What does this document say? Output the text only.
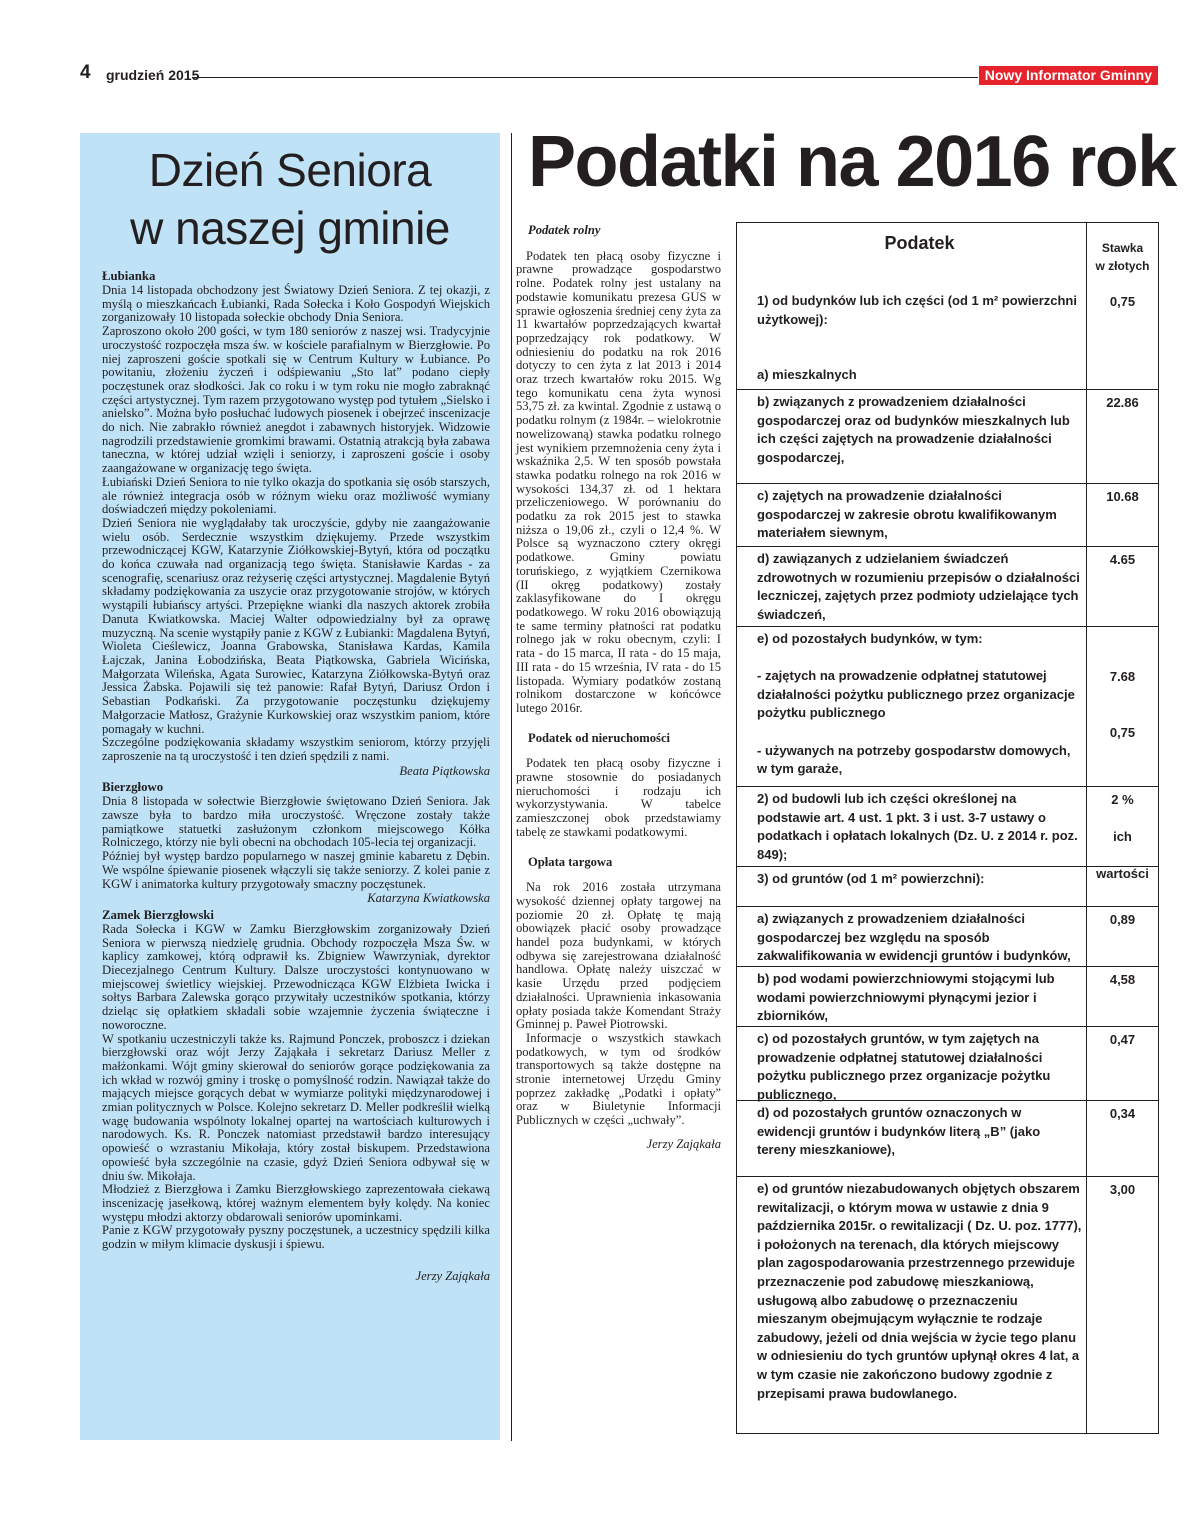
4 grudzień 2015	Nowy Informator Gminny
Dzień Seniora
w naszej gminie
Łubianka

Dnia 14 listopada obchodzony jest Światowy Dzień Seniora. Z tej okazji, z myślą o mieszkańcach Łubianki, Rada Sołecka i Koło Gospodyń Wiejskich zorganizowały 10 listopada sołeckie obchody Dnia Seniora.

Zaproszono około 200 gości, w tym 180 seniorów z naszej wsi. Tradycyjnie uroczystość rozpoczęła msza św. w kościele parafialnym w Bierzgłowie. Po niej zaproszeni goście spotkali się w Centrum Kultury w Łubiance. Po powitaniu, złożeniu życzeń i odśpiewaniu „Sto lat” podano ciepły poczęstunek oraz słodkości. Jak co roku i w tym roku nie mogło zabraknąć części artystycznej. Tym razem przygotowano występ pod tytułem „Sielsko i anielsko”. Można było posłuchać ludowych piosenek i obejrzeć inscenizacje do nich. Nie zabrakło również anegdot i zabawnych historyjek. Widzowie nagrodzili przedstawienie gromkimi brawami. Ostatnią atrakcją była zabawa taneczna, w której udział wzięli i seniorzy, i zaproszeni goście i osoby zaangażowane w organizację tego święta.

Łubiański Dzień Seniora to nie tylko okazja do spotkania się osób starszych, ale również integracja osób w różnym wieku oraz możliwość wymiany doświadczeń między pokoleniami.

Dzień Seniora nie wyglądałaby tak uroczyście, gdyby nie zaangażowanie wielu osób. Serdecznie wszystkim dziękujemy. Przede wszystkim przewodniczącej KGW, Katarzynie Ziółkowskiej-Bytyń, która od początku do końca czuwała nad organizacją tego święta. Stanisławie Kardas - za scenografię, scenariusz oraz reżyserię części artystycznej. Magdalenie Bytyń składamy podziękowania za uszycie oraz przygotowanie strojów, w których wystąpili łubiańscy artyści. Przepiękne wianki dla naszych aktorek zrobiła Danuta Kwiatkowska. Maciej Walter odpowiedzialny był za oprawę muzyczną. Na scenie wystąpiły panie z KGW z Łubianki: Magdalena Bytyń, Wioleta Cieślewicz, Joanna Grabowska, Stanisława Kardas, Kamila Łajczak, Janina Łobodzińska, Beata Piątkowska, Gabriela Wicińska, Małgorzata Wileńska, Agata Surowiec, Katarzyna Ziółkowska-Bytyń oraz Jessica Żabska. Pojawili się też panowie: Rafał Bytyń, Dariusz Ordon i Sebastian Podkański. Za przygotowanie poczęstunku dziękujemy Małgorzacie Matłosz, Grażynie Kurkowskiej oraz wszystkim paniom, które pomagały w kuchni.

Szczególne podziękowania składamy wszystkim seniorom, którzy przyjęli zaproszenie na tą uroczystość i ten dzień spędzili z nami.

Beata Piątkowska

Bierzgłowo

Dnia 8 listopada w sołectwie Bierzgłowie świętowano Dzień Seniora. Jak zawsze była to bardzo miła uroczystość. Wręczone zostały także pamiątkowe statuetki zasłużonym członkom miejscowego Kółka Rolniczego, którzy nie byli obecni na obchodach 105-lecia tej organizacji.

Później był występ bardzo popularnego w naszej gminie kabaretu z Dębin. We wspólne śpiewanie piosenek włączyli się także seniorzy. Z kolei panie z KGW i animatorka kultury przygotowały smaczny poczęstunek.

Katarzyna Kwiatkowska

Zamek Bierzgłowski

Rada Sołecka i KGW w Zamku Bierzgłowskim zorganizowały Dzień Seniora w pierwszą niedzielę grudnia. Obchody rozpoczęła Msza Św. w kaplicy zamkowej, którą odprawił ks. Zbigniew Wawrzyniak, dyrektor Diecezjalnego Centrum Kultury. Dalsze uroczystości kontynuowano w miejscowej świetlicy wiejskiej. Przewodnicząca KGW Elżbieta Iwicka i sołtys Barbara Zalewska gorąco przywitały uczestników spotkania, którzy dzieląc się opłatkiem składali sobie wzajemnie życzenia świąteczne i noworoczne.

W spotkaniu uczestniczyli także ks. Rajmund Ponczek, proboszcz i dziekan bierzgłowski oraz wójt Jerzy Zająkała i sekretarz Dariusz Meller z małżonkami. Wójt gminy skierował do seniorów gorące podziękowania za ich wkład w rozwój gminy i troskę o pomyślność rodzin. Nawiązał także do mających miejsce gorących debat w wymiarze polityki międzynarodowej i zmian politycznych w Polsce. Kolejno sekretarz D. Meller podkreślił wielką wagę budowania wspólnoty lokalnej opartej na wartościach kulturowych i narodowych. Ks. R. Ponczek natomiast przedstawił bardzo interesujący opowieść o wzrastaniu Mikołaja, który został biskupem. Przedstawiona opowieść była szczególnie na czasie, gdyż Dzień Seniora odbywał się w dniu św. Mikołaja.

Młodzież z Bierzgłowa i Zamku Bierzgłowskiego zaprezentowała ciekawą inscenizację jasełkową, której ważnym elementem były kolędy. Na koniec występu młodzi aktorzy obdarowali seniorów upominkami.

Panie z KGW przygotowały pyszny poczęstunek, a uczestnicy spędzili kilka godzin w miłym klimacie dyskusji i śpiewu.

Jerzy Zająkała

Podatki na 2016 rok
Podatek rolny

Podatek ten płacą osoby fizyczne i prawne prowadzące gospodarstwo rolne. Podatek rolny jest ustalany na podstawie komunikatu prezesa GUS w sprawie ogłoszenia średniej ceny żyta za 11 kwartałów poprzedzających kwartał poprzedzający rok podatkowy. W odniesieniu do podatku na rok 2016 dotyczy to cen żyta z lat 2013 i 2014 oraz trzech kwartałów roku 2015. Wg tego komunikatu cena żyta wynosi 53,75 zł. za kwintal. Zgodnie z ustawą o podatku rolnym (z 1984r. – wielokrotnie nowelizowaną) stawka podatku rolnego jest wynikiem przemnożenia ceny żyta i wskaźnika 2,5. W ten sposób powstała stawka podatku rolnego na rok 2016 w wysokości 134,37 zł. od 1 hektara przeliczeniowego. W porównaniu do podatku za rok 2015 jest to stawka niższa o 19,06 zł., czyli o 12,4 %. W Polsce są wyznaczono cztery okręgi podatkowe. Gminy powiatu toruńskiego, z wyjątkiem Czernikowa (II okręg podatkowy) zostały zaklasyfikowane do I okręgu podatkowego. W roku 2016 obowiązują te same terminy płatności rat podatku rolnego jak w roku obecnym, czyli: I rata - do 15 marca, II rata - do 15 maja, III rata - do 15 września, IV rata - do 15 listopada. Wymiary podatków zostaną rolnikom dostarczone w końcówce lutego 2016r.

Podatek od nieruchomości

Podatek ten płacą osoby fizyczne i prawne stosownie do posiadanych nieruchomości i rodzaju ich wykorzystywania. W tabelce zamieszczonej obok przedstawiamy tabelę ze stawkami podatkowymi.

Opłata targowa

Na rok 2016 została utrzymana wysokość dziennej opłaty targowej na poziomie 20 zł. Opłatę tę mają obowiązek płacić osoby prowadzące handel poza budynkami, w których odbywa się zarejestrowana działalność handlowa. Opłatę należy uiszczać w kasie Urzędu przed podjęciem działalności. Uprawnienia inkasowania opłaty posiada także Komendant Straży Gminnej p. Paweł Piotrowski.

Informacje o wszystkich stawkach podatkowych, w tym od środków transportowych są także dostępne na stronie internetowej Urzędu Gminy poprzez zakładkę „Podatki i opłaty” oraz w Biuletynie Informacji Publicznych w części „uchwały”.

Jerzy Zająkała

Podatek	Stawka
w złotych
1) od budynków lub ich części (od 1 m² powierzchni użytkowej):

a) mieszkalnych
0,75
b) związanych z prowadzeniem działalności gospodarczej oraz od budynków mieszkalnych lub ich części zajętych na prowadzenie działalności gospodarczej,
22.86
c) zajętych na prowadzenie działalności gospodarczej w zakresie obrotu kwalifikowanym materiałem siewnym,
10.68
d) zawiązanych z udzielaniem świadczeń zdrowotnych w rozumieniu przepisów o działalności leczniczej, zajętych przez podmioty udzielające tych świadczeń,
4.65
e) od pozostałych budynków, w tym:

- zajętych na prowadzenie odpłatnej statutowej działalności pożytku publicznego przez organizacje pożytku publicznego

- używanych na potrzeby gospodarstw domowych, w tym garaże,

7.68

0,75
2) od budowli lub ich części określonej na podstawie art. 4 ust. 1 pkt. 3 i ust. 3-7 ustawy o podatkach i opłatach lokalnych (Dz. U. z 2014 r. poz. 849);
2 %

ich

wartości
3) od gruntów (od 1 m² powierzchni):
a) związanych z prowadzeniem działalności gospodarczej bez względu na sposób zakwalifikowania w ewidencji gruntów i budynków,
0,89
b) pod wodami powierzchniowymi stojącymi lub wodami powierzchniowymi płynącymi jezior i zbiorników,
4,58
c) od pozostałych gruntów, w tym zajętych na prowadzenie odpłatnej statutowej działalności pożytku publicznego przez organizacje pożytku publicznego,
0,47
d) od pozostałych gruntów oznaczonych w ewidencji gruntów i budynków literą „B” (jako tereny mieszkaniowe),
0,34
e) od gruntów niezabudowanych objętych obszarem rewitalizacji, o którym mowa w ustawie z dnia 9 października 2015r. o rewitalizacji ( Dz. U. poz. 1777), i położonych na terenach, dla których miejscowy plan zagospodarowania przestrzennego przewiduje przeznaczenie pod zabudowę mieszkaniową, usługową albo zabudowę o przeznaczeniu mieszanym obejmującym wyłącznie te rodzaje zabudowy, jeżeli od dnia wejścia w życie tego planu w odniesieniu do tych gruntów upłynął okres 4 lat, a w tym czasie nie zakończono budowy zgodnie z przepisami prawa budowlanego.
3,00
